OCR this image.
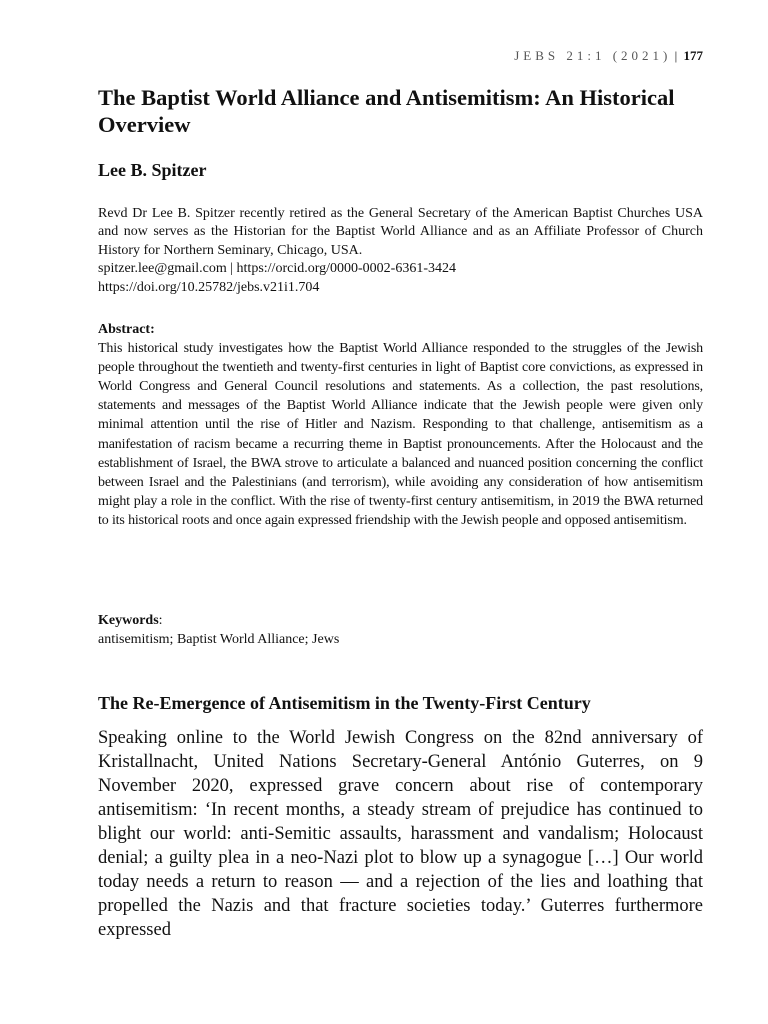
JEBS 21:1 (2021) | 177
The Baptist World Alliance and Antisemitism: An Historical Overview
Lee B. Spitzer

Revd Dr Lee B. Spitzer recently retired as the General Secretary of the American Baptist Churches USA and now serves as the Historian for the Baptist World Alliance and as an Affiliate Professor of Church History for Northern Seminary, Chicago, USA.

spitzer.lee@gmail.com | https://orcid.org/0000-0002-6361-3424
https://doi.org/10.25782/jebs.v21i1.704
Abstract:

This historical study investigates how the Baptist World Alliance responded to the struggles of the Jewish people throughout the twentieth and twenty-first centuries in light of Baptist core convictions, as expressed in World Congress and General Council resolutions and statements. As a collection, the past resolutions, statements and messages of the Baptist World Alliance indicate that the Jewish people were given only minimal attention until the rise of Hitler and Nazism. Responding to that challenge, antisemitism as a manifestation of racism became a recurring theme in Baptist pronouncements. After the Holocaust and the establishment of Israel, the BWA strove to articulate a balanced and nuanced position concerning the conflict between Israel and the Palestinians (and terrorism), while avoiding any consideration of how antisemitism might play a role in the conflict. With the rise of twenty-first century antisemitism, in 2019 the BWA returned to its historical roots and once again expressed friendship with the Jewish people and opposed antisemitism.

Keywords:
antisemitism; Baptist World Alliance; Jews
The Re-Emergence of Antisemitism in the Twenty-First Century

Speaking online to the World Jewish Congress on the 82nd anniversary of Kristallnacht, United Nations Secretary-General António Guterres, on 9 November 2020, expressed grave concern about rise of contemporary antisemitism: ‘In recent months, a steady stream of prejudice has continued to blight our world: anti-Semitic assaults, harassment and vandalism; Holocaust denial; a guilty plea in a neo-Nazi plot to blow up a synagogue […] Our world today needs a return to reason — and a rejection of the lies and loathing that propelled the Nazis and that fracture societies today.’ Guterres furthermore expressed
